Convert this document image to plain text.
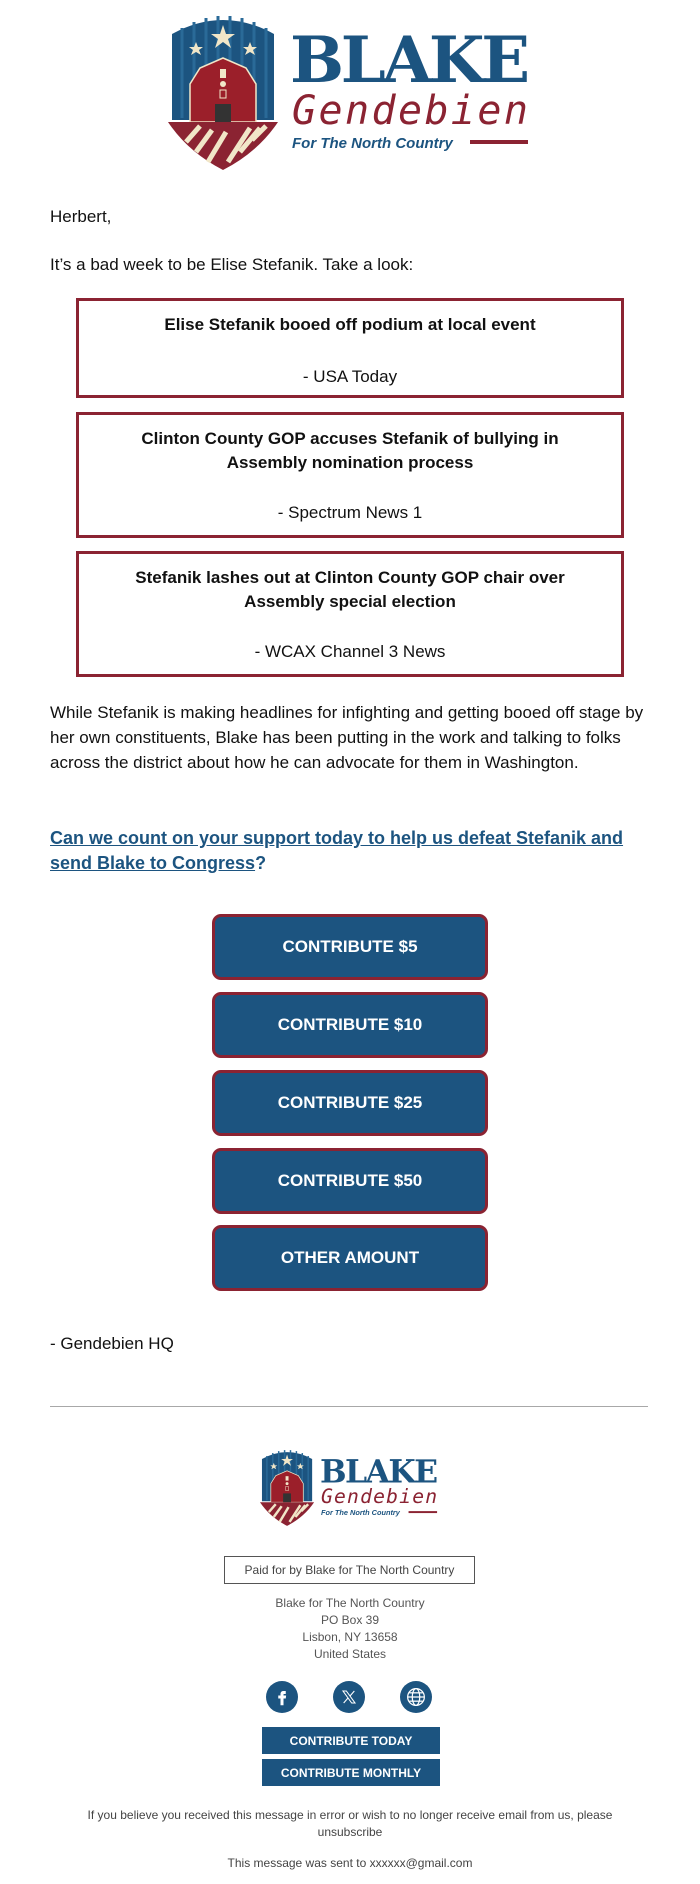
BLAKE
Gendebien
For The North Country
Herbert,
It’s a bad week to be Elise Stefanik. Take a look:
Elise Stefanik booed off podium at local event
- USA Today
Clinton County GOP accuses Stefanik of bullying in Assembly nomination process
- Spectrum News 1
Stefanik lashes out at Clinton County GOP chair over Assembly special election
- WCAX Channel 3 News
While Stefanik is making headlines for infighting and getting booed off stage by her own constituents, Blake has been putting in the work and talking to folks across the district about how he can advocate for them in Washington.
Can we count on your support today to help us defeat Stefanik and send Blake to Congress?
CONTRIBUTE $5
CONTRIBUTE $10
CONTRIBUTE $25
CONTRIBUTE $50
OTHER AMOUNT
- Gendebien HQ
BLAKE
Gendebien
For The North Country
Paid for by Blake for The North Country
Blake for The North Country
PO Box 39
Lisbon, NY 13658
United States
CONTRIBUTE TODAY
CONTRIBUTE MONTHLY
If you believe you received this message in error or wish to no longer receive email from us, please
unsubscribe
This message was sent to xxxxxx@gmail.com
